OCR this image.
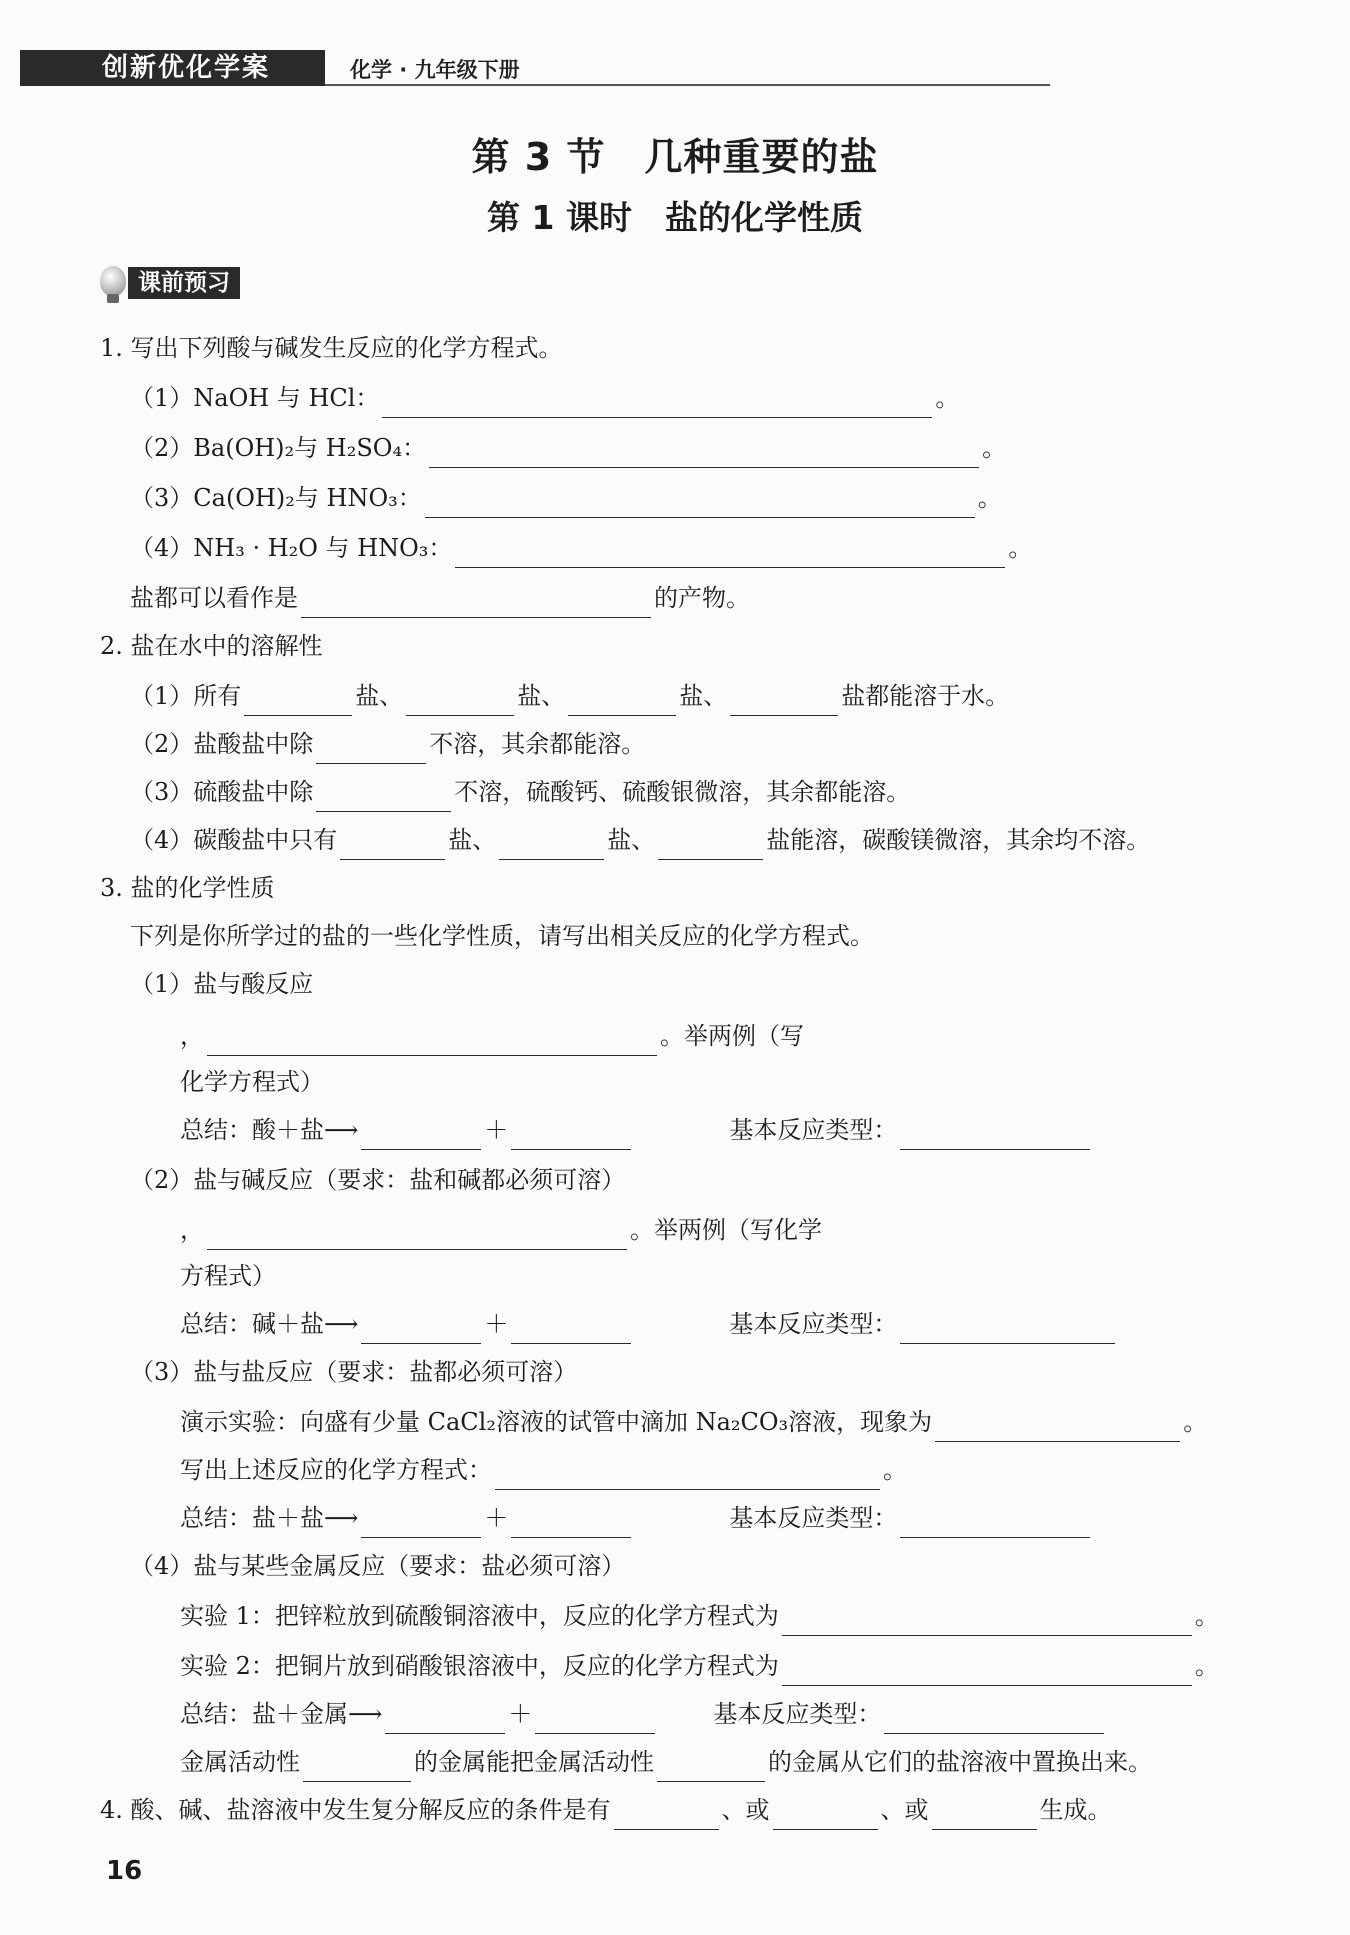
创新优化学案	化学 · 九年级下册
第 3 节　几种重要的盐
第 1 课时　盐的化学性质
课前预习
1. 写出下列酸与碱发生反应的化学方程式。
（1）NaOH 与 HCl：	。
（2）Ba(OH)₂与 H₂SO₄：	。
（3）Ca(OH)₂与 HNO₃：	。
（4）NH₃ · H₂O 与 HNO₃：	。
盐都可以看作是	的产物。
2. 盐在水中的溶解性
（1）所有	盐、	盐、	盐、	盐都能溶于水。
（2）盐酸盐中除	不溶，其余都能溶。
（3）硫酸盐中除	不溶，硫酸钙、硫酸银微溶，其余都能溶。
（4）碳酸盐中只有	盐、	盐、	盐能溶，碳酸镁微溶，其余均不溶。
3. 盐的化学性质
下列是你所学过的盐的一些化学性质，请写出相关反应的化学方程式。
（1）盐与酸反应
，	。举两例（写
化学方程式）
总结：酸＋盐⟶	＋	基本反应类型：
（2）盐与碱反应（要求：盐和碱都必须可溶）
，	。举两例（写化学
方程式）
总结：碱＋盐⟶	＋	基本反应类型：
（3）盐与盐反应（要求：盐都必须可溶）
演示实验：向盛有少量 CaCl₂溶液的试管中滴加 Na₂CO₃溶液，现象为	。
写出上述反应的化学方程式：	。
总结：盐＋盐⟶	＋	基本反应类型：
（4）盐与某些金属反应（要求：盐必须可溶）
实验 1：把锌粒放到硫酸铜溶液中，反应的化学方程式为	。
实验 2：把铜片放到硝酸银溶液中，反应的化学方程式为	。
总结：盐＋金属⟶	＋	基本反应类型：
金属活动性	的金属能把金属活动性	的金属从它们的盐溶液中置换出来。
4. 酸、碱、盐溶液中发生复分解反应的条件是有	、或	、或	生成。
16
